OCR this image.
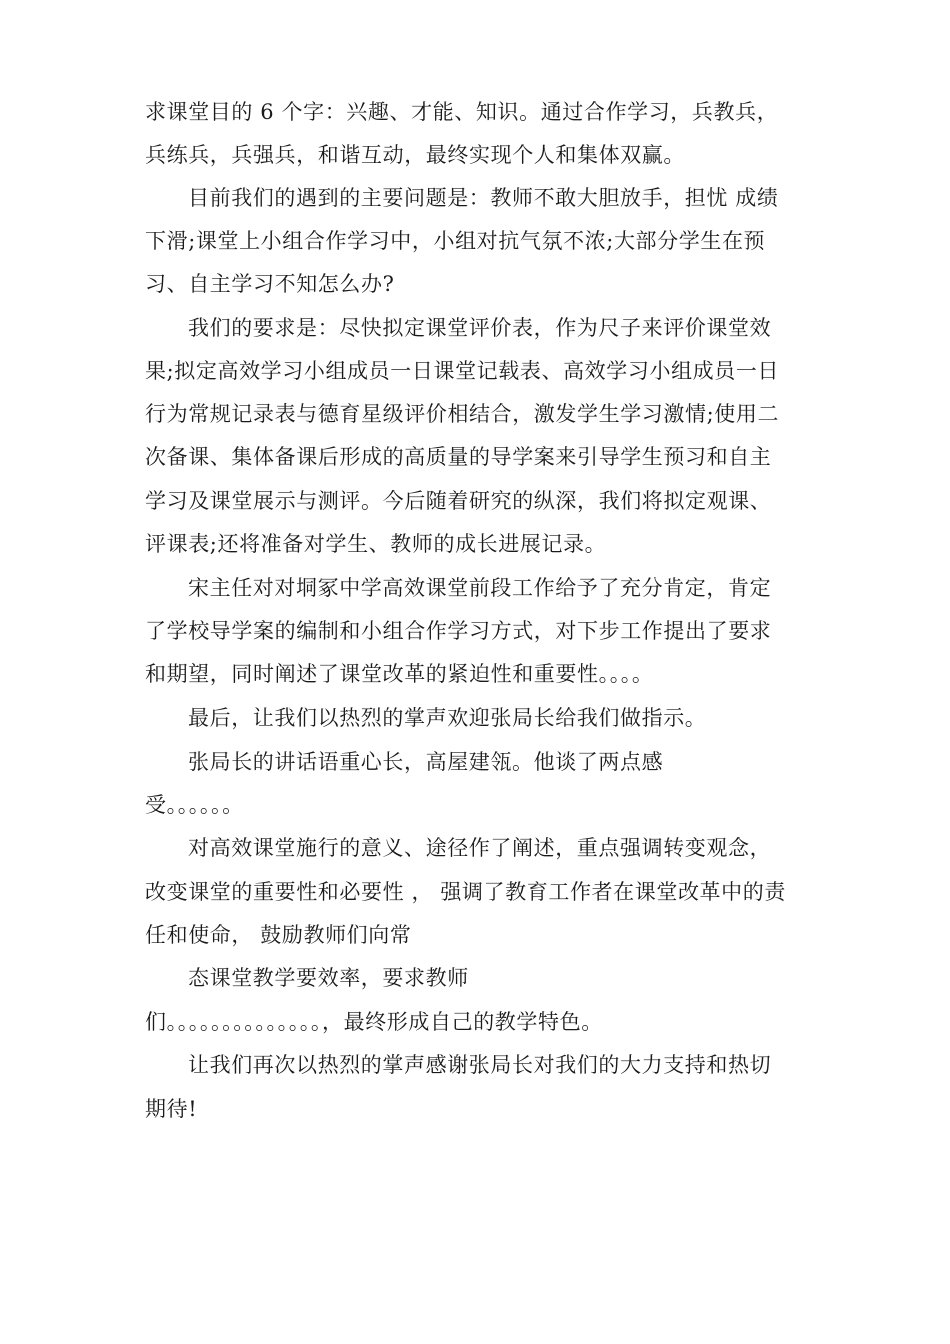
求课堂目的 6 个字：兴趣、才能、知识。通过合作学习，兵教兵，
兵练兵，兵强兵，和谐互动，最终实现个人和集体双赢。
目前我们的遇到的主要问题是：教师不敢大胆放手，担忧 成绩
下滑;课堂上小组合作学习中，小组对抗气氛不浓;大部分学生在预
习、自主学习不知怎么办?
我们的要求是：尽快拟定课堂评价表，作为尺子来评价课堂效
果;拟定高效学习小组成员一日课堂记载表、高效学习小组成员一日
行为常规记录表与德育星级评价相结合，激发学生学习激情;使用二
次备课、集体备课后形成的高质量的导学案来引导学生预习和自主
学习及课堂展示与测评。今后随着研究的纵深，我们将拟定观课、
评课表;还将准备对学生、教师的成长进展记录。
宋主任对对垌冢中学高效课堂前段工作给予了充分肯定，肯定
了学校导学案的编制和小组合作学习方式，对下步工作提出了要求
和期望，同时阐述了课堂改革的紧迫性和重要性。。。。
最后，让我们以热烈的掌声欢迎张局长给我们做指示。
张局长的讲话语重心长，高屋建瓴。他谈了两点感
受。。。。。。
对高效课堂施行的意义、途径作了阐述，重点强调转变观念，
改变课堂的重要性和必要性 ， 强调了教育工作者在课堂改革中的责
任和使命， 鼓励教师们向常
态课堂教学要效率，要求教师
们。。。。。。。。。。。。。。，最终形成自己的教学特色。
让我们再次以热烈的掌声感谢张局长对我们的大力支持和热切
期待!
